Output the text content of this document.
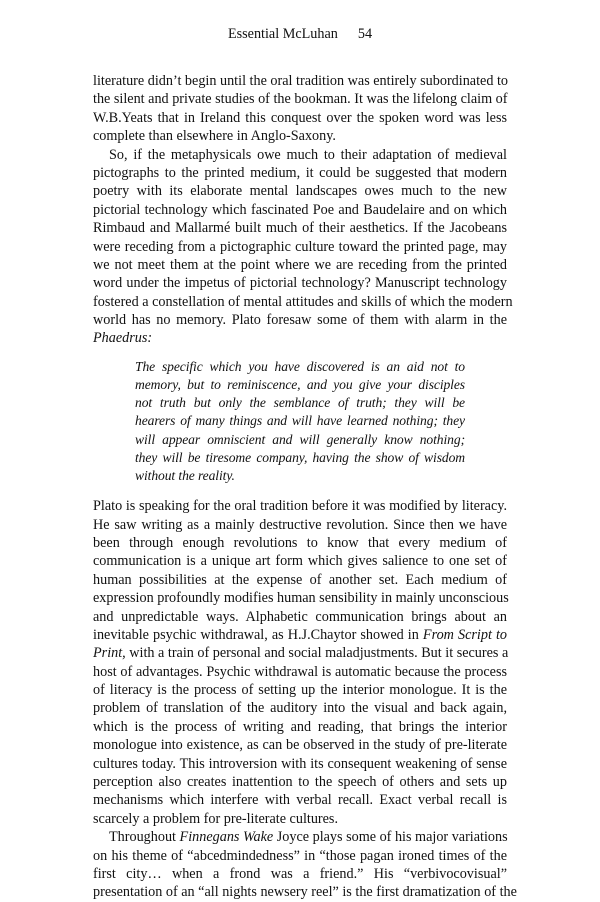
Essential McLuhan 54
literature didn’t begin until the oral tradition was entirely subordinated to
the silent and private studies of the bookman. It was the lifelong claim of
W.B.Yeats that in Ireland this conquest over the spoken word was less
complete than elsewhere in Anglo-Saxony.
So, if the metaphysicals owe much to their adaptation of medieval
pictographs to the printed medium, it could be suggested that modern
poetry with its elaborate mental landscapes owes much to the new
pictorial technology which fascinated Poe and Baudelaire and on which
Rimbaud and Mallarmé built much of their aesthetics. If the Jacobeans
were receding from a pictographic culture toward the printed page, may
we not meet them at the point where we are receding from the printed
word under the impetus of pictorial technology? Manuscript technology
fostered a constellation of mental attitudes and skills of which the modern
world has no memory. Plato foresaw some of them with alarm in the
Phaedrus:
The specific which you have discovered is an aid not to
memory, but to reminiscence, and you give your disciples
not truth but only the semblance of truth; they will be
hearers of many things and will have learned nothing; they
will appear omniscient and will generally know nothing;
they will be tiresome company, having the show of wisdom
without the reality.
Plato is speaking for the oral tradition before it was modified by literacy.
He saw writing as a mainly destructive revolution. Since then we have
been through enough revolutions to know that every medium of
communication is a unique art form which gives salience to one set of
human possibilities at the expense of another set. Each medium of
expression profoundly modifies human sensibility in mainly unconscious
and unpredictable ways. Alphabetic communication brings about an
inevitable psychic withdrawal, as H.J.Chaytor showed in From Script to
Print, with a train of personal and social maladjustments. But it secures a
host of advantages. Psychic withdrawal is automatic because the process
of literacy is the process of setting up the interior monologue. It is the
problem of translation of the auditory into the visual and back again,
which is the process of writing and reading, that brings the interior
monologue into existence, as can be observed in the study of pre-literate
cultures today. This introversion with its consequent weakening of sense
perception also creates inattention to the speech of others and sets up
mechanisms which interfere with verbal recall. Exact verbal recall is
scarcely a problem for pre-literate cultures.
Throughout Finnegans Wake Joyce plays some of his major variations
on his theme of “abcedmindedness” in “those pagan ironed times of the
first city… when a frond was a friend.” His “verbivocovisual”
presentation of an “all nights newsery reel” is the first dramatization of the
